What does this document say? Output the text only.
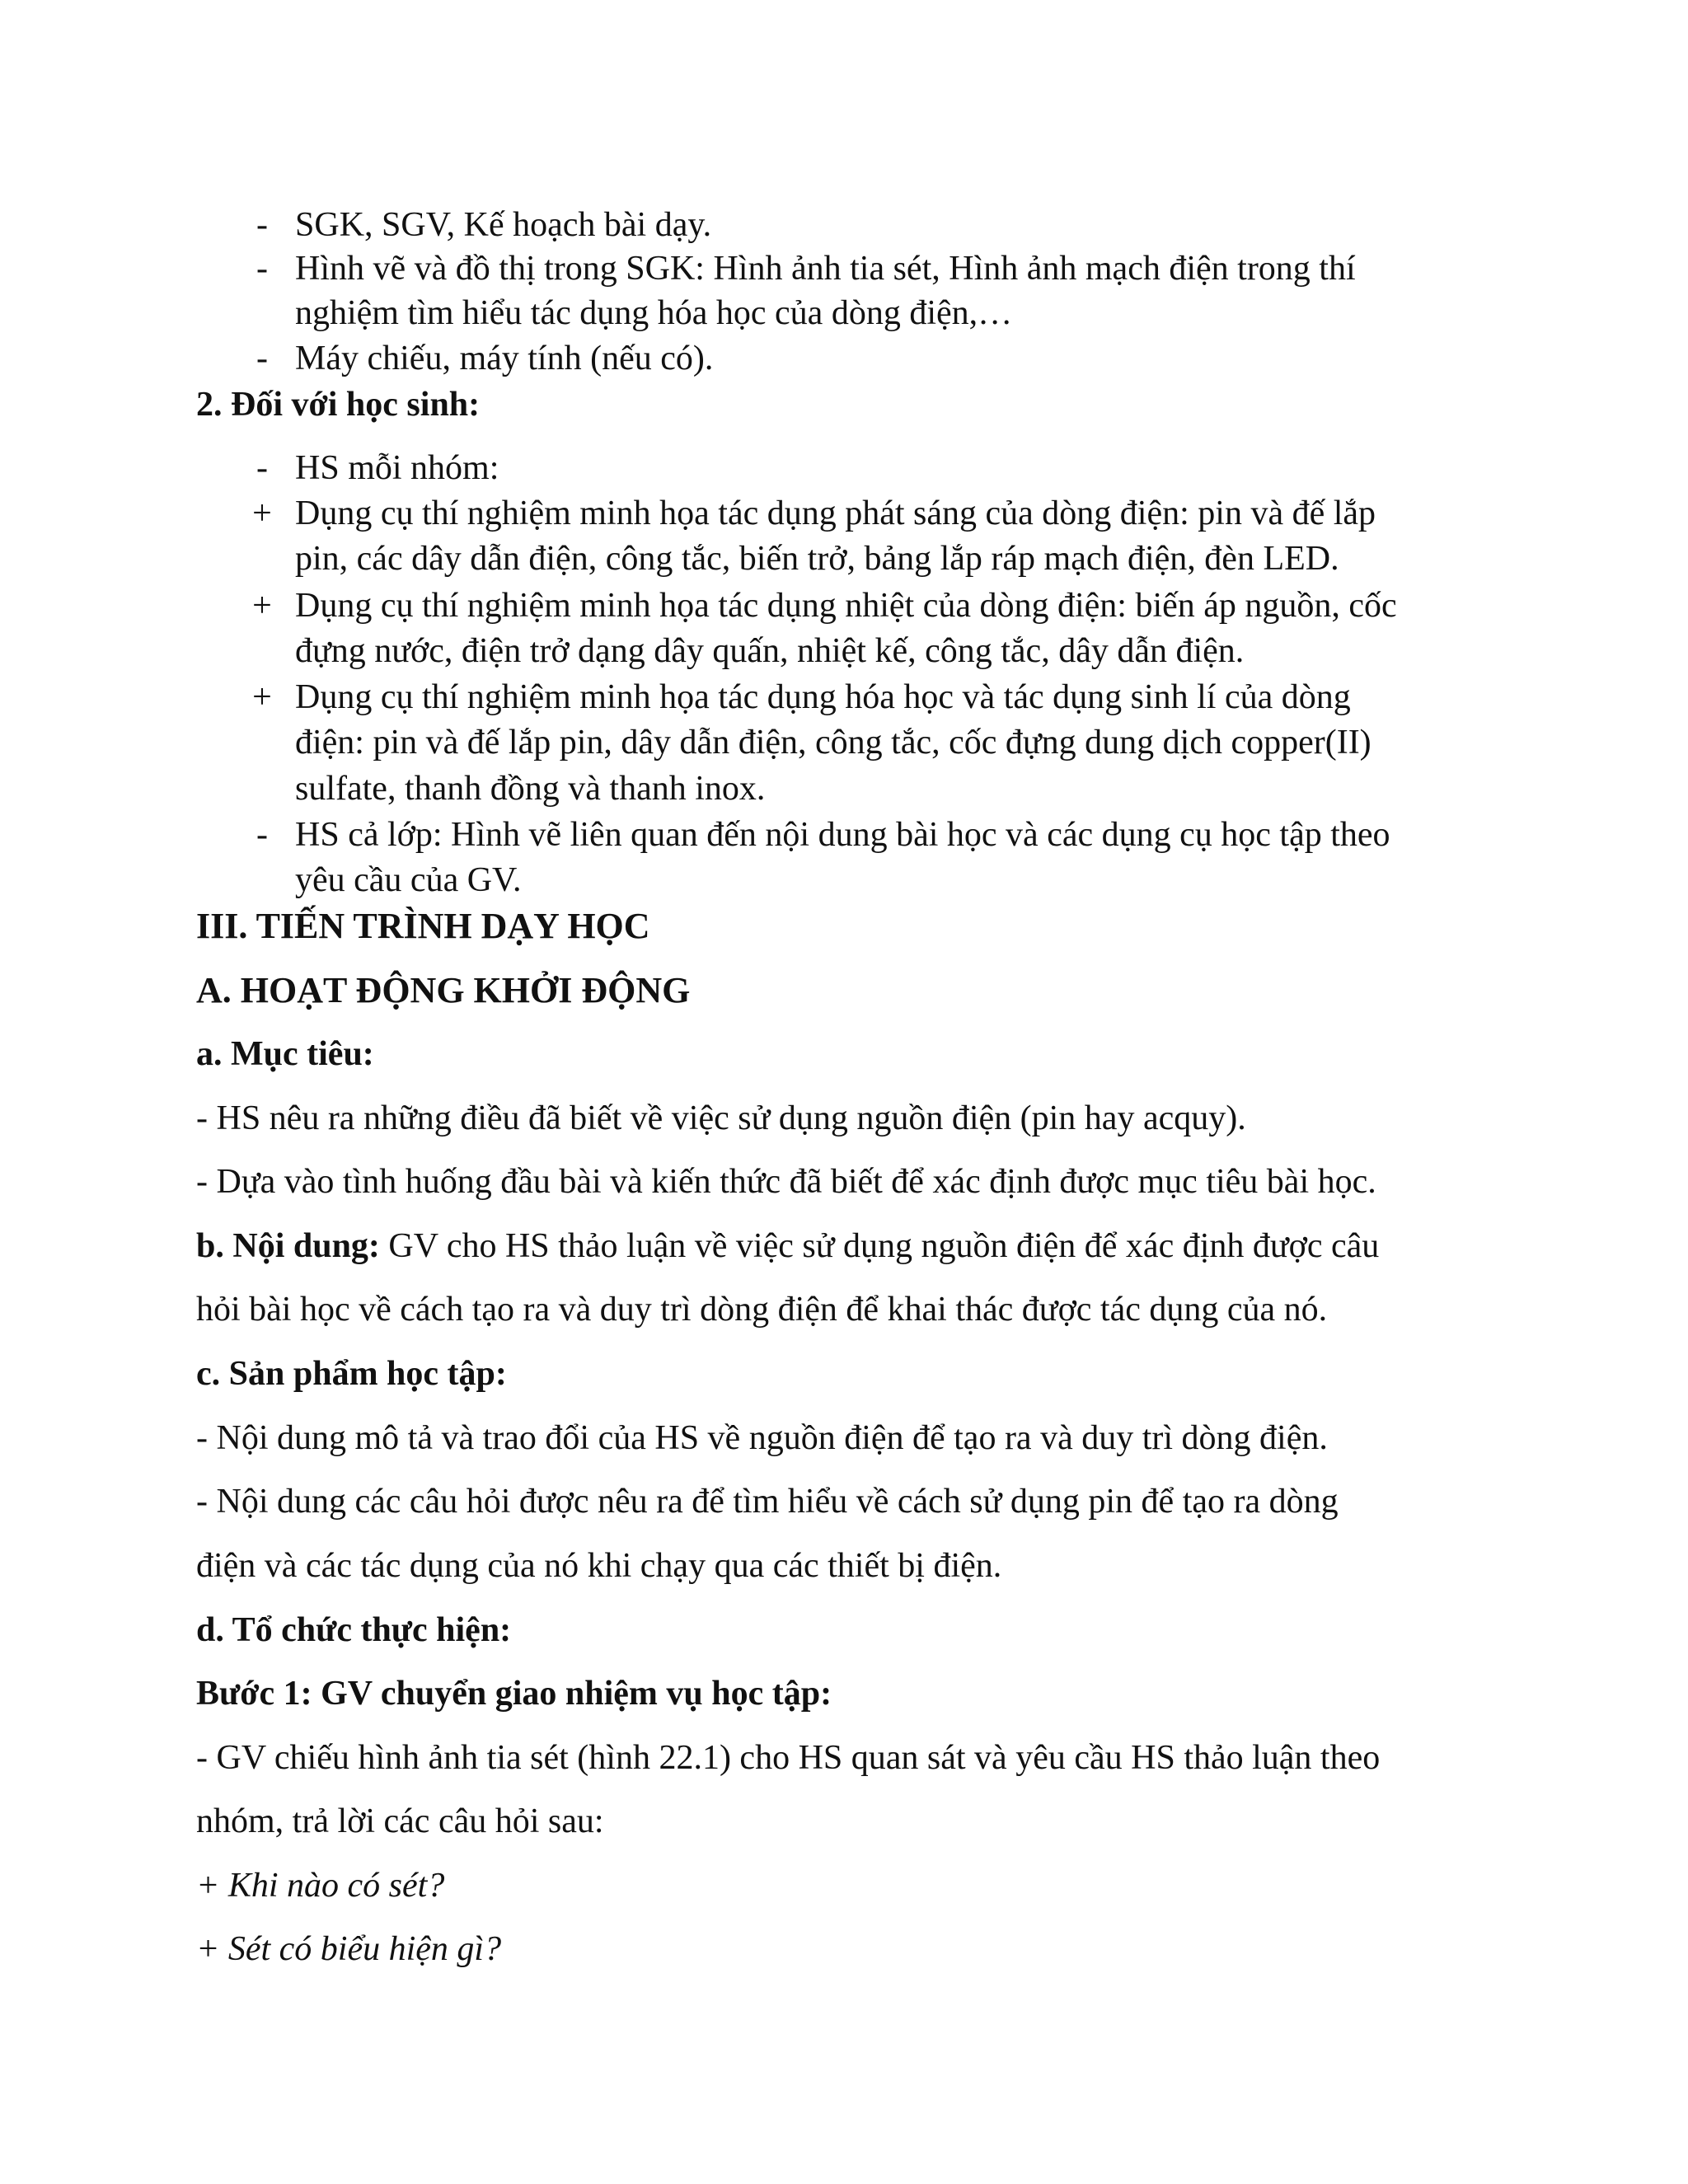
- SGK, SGV, Kế hoạch bài dạy.
- Hình vẽ và đồ thị trong SGK: Hình ảnh tia sét, Hình ảnh mạch điện trong thí
nghiệm tìm hiểu tác dụng hóa học của dòng điện,…
- Máy chiếu, máy tính (nếu có).
2. Đối với học sinh:
- HS mỗi nhóm:
+ Dụng cụ thí nghiệm minh họa tác dụng phát sáng của dòng điện: pin và đế lắp
pin, các dây dẫn điện, công tắc, biến trở, bảng lắp ráp mạch điện, đèn LED.
+ Dụng cụ thí nghiệm minh họa tác dụng nhiệt của dòng điện: biến áp nguồn, cốc
đựng nước, điện trở dạng dây quấn, nhiệt kế, công tắc, dây dẫn điện.
+ Dụng cụ thí nghiệm minh họa tác dụng hóa học và tác dụng sinh lí của dòng
điện: pin và đế lắp pin, dây dẫn điện, công tắc, cốc đựng dung dịch copper(II)
sulfate, thanh đồng và thanh inox.
- HS cả lớp: Hình vẽ liên quan đến nội dung bài học và các dụng cụ học tập theo
yêu cầu của GV.
III. TIẾN TRÌNH DẠY HỌC
A. HOẠT ĐỘNG KHỞI ĐỘNG
a. Mục tiêu:
- HS nêu ra những điều đã biết về việc sử dụng nguồn điện (pin hay acquy).
- Dựa vào tình huống đầu bài và kiến thức đã biết để xác định được mục tiêu bài học.
b. Nội dung: GV cho HS thảo luận về việc sử dụng nguồn điện để xác định được câu
hỏi bài học về cách tạo ra và duy trì dòng điện để khai thác được tác dụng của nó.
c. Sản phẩm học tập:
- Nội dung mô tả và trao đổi của HS về nguồn điện để tạo ra và duy trì dòng điện.
- Nội dung các câu hỏi được nêu ra để tìm hiểu về cách sử dụng pin để tạo ra dòng
điện và các tác dụng của nó khi chạy qua các thiết bị điện.
d. Tổ chức thực hiện:
Bước 1: GV chuyển giao nhiệm vụ học tập:
- GV chiếu hình ảnh tia sét (hình 22.1) cho HS quan sát và yêu cầu HS thảo luận theo
nhóm, trả lời các câu hỏi sau:
+ Khi nào có sét?
+ Sét có biểu hiện gì?
